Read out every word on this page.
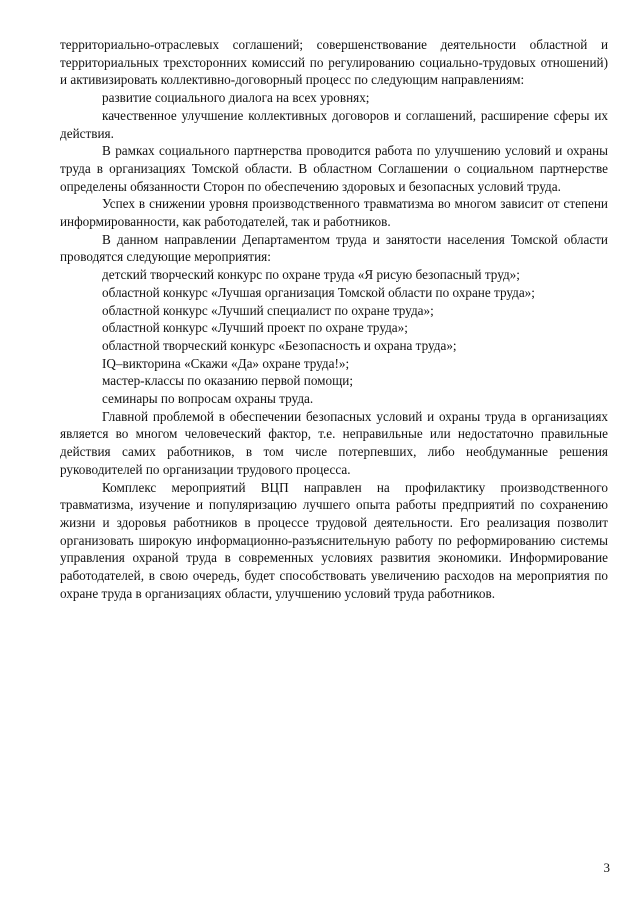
территориально-отраслевых соглашений; совершенствование деятельности областной и территориальных трехсторонних комиссий по регулированию социально-трудовых отношений) и активизировать коллективно-договорный процесс по следующим направлениям:

развитие социального диалога на всех уровнях;

качественное улучшение коллективных договоров и соглашений, расширение сферы их действия.

В рамках социального партнерства проводится работа по улучшению условий и охраны труда в организациях Томской области. В областном Соглашении о социальном партнерстве определены обязанности Сторон по обеспечению здоровых и безопасных условий труда.

Успех в снижении уровня производственного травматизма во многом зависит от степени информированности, как работодателей, так и работников.

В данном направлении Департаментом труда и занятости населения Томской области проводятся следующие мероприятия:

детский творческий конкурс по охране труда «Я рисую безопасный труд»;

областной конкурс «Лучшая организация Томской области по охране труда»;

областной конкурс «Лучший специалист по охране труда»;

областной конкурс «Лучший проект по охране труда»;

областной творческий конкурс «Безопасность и охрана труда»;

IQ–викторина «Скажи «Да» охране труда!»;

мастер-классы по оказанию первой помощи;

семинары по вопросам охраны труда.

Главной проблемой в обеспечении безопасных условий и охраны труда в организациях является во многом человеческий фактор, т.е. неправильные или недостаточно правильные действия самих работников, в том числе потерпевших, либо необдуманные решения руководителей по организации трудового процесса.

Комплекс мероприятий ВЦП направлен на профилактику производственного травматизма, изучение и популяризацию лучшего опыта работы предприятий по сохранению жизни и здоровья работников в процессе трудовой деятельности. Его реализация позволит организовать широкую информационно-разъяснительную работу по реформированию системы управления охраной труда в современных условиях развития экономики. Информирование работодателей, в свою очередь, будет способствовать увеличению расходов на мероприятия по охране труда в организациях области, улучшению условий труда работников.

3
